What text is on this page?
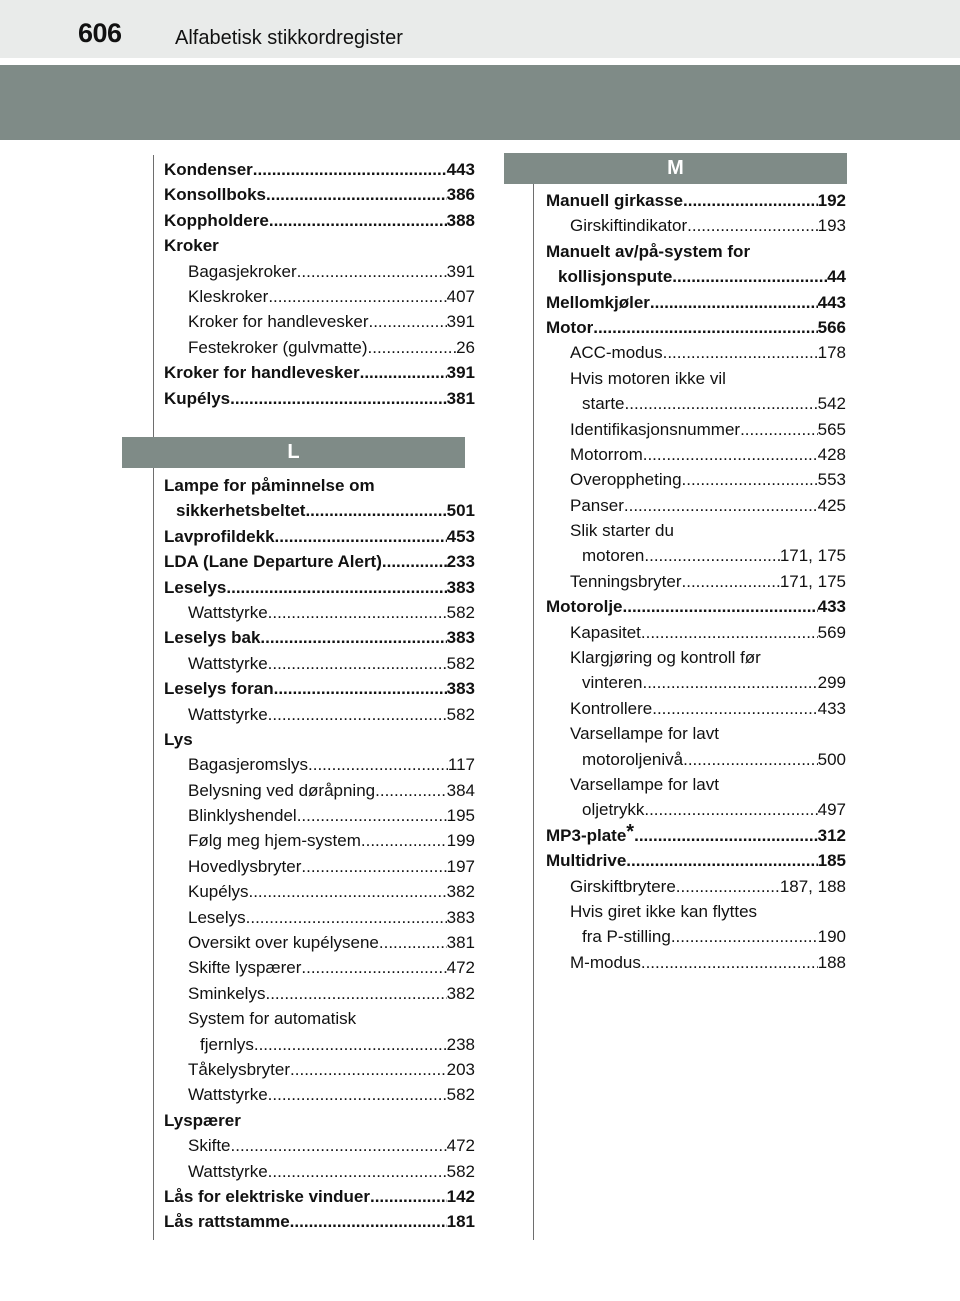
606	Alfabetisk stikkordregister
Kondenser .....	443
Konsollboks .....	386
Koppholdere .....	388
Kroker
Bagasjekroker .....	391
Kleskroker .....	407
Kroker for handlevesker .....	391
Festekroker (gulvmatte) .....	26
Kroker for handlevesker .....	391
Kupélys .....	381
L
Lampe for påminnelse om
sikkerhetsbeltet .....	501
Lavprofildekk .....	453
LDA (Lane Departure Alert) .....	233
Leselys .....	383
Wattstyrke .....	582
Leselys bak .....	383
Wattstyrke .....	582
Leselys foran .....	383
Wattstyrke .....	582
Lys
Bagasjeromslys .....	117
Belysning ved døråpning .....	384
Blinklyshendel .....	195
Følg meg hjem-system .....	199
Hovedlysbryter .....	197
Kupélys .....	382
Leselys .....	383
Oversikt over kupélysene .....	381
Skifte lyspærer .....	472
Sminkelys .....	382
System for automatisk
fjernlys .....	238
Tåkelysbryter .....	203
Wattstyrke .....	582
Lyspærer
Skifte .....	472
Wattstyrke .....	582
Lås for elektriske vinduer .....	142
Lås rattstamme .....	181
M
Manuell girkasse .....	192
Girskiftindikator .....	193
Manuelt av/på-system for
kollisjonspute .....	44
Mellomkjøler .....	443
Motor .....	566
ACC-modus .....	178
Hvis motoren ikke vil
starte .....	542
Identifikasjonsnummer .....	565
Motorrom .....	428
Overoppheting .....	553
Panser .....	425
Slik starter du
motoren .....	171, 175
Tenningsbryter .....	171, 175
Motorolje .....	433
Kapasitet .....	569
Klargjøring og kontroll før
vinteren .....	299
Kontrollere .....	433
Varsellampe for lavt
motoroljenivå .....	500
Varsellampe for lavt
oljetrykk .....	497
MP3-plate * .....	312
Multidrive .....	185
Girskiftbrytere .....	187, 188
Hvis giret ikke kan flyttes
fra P-stilling .....	190
M-modus .....	188
